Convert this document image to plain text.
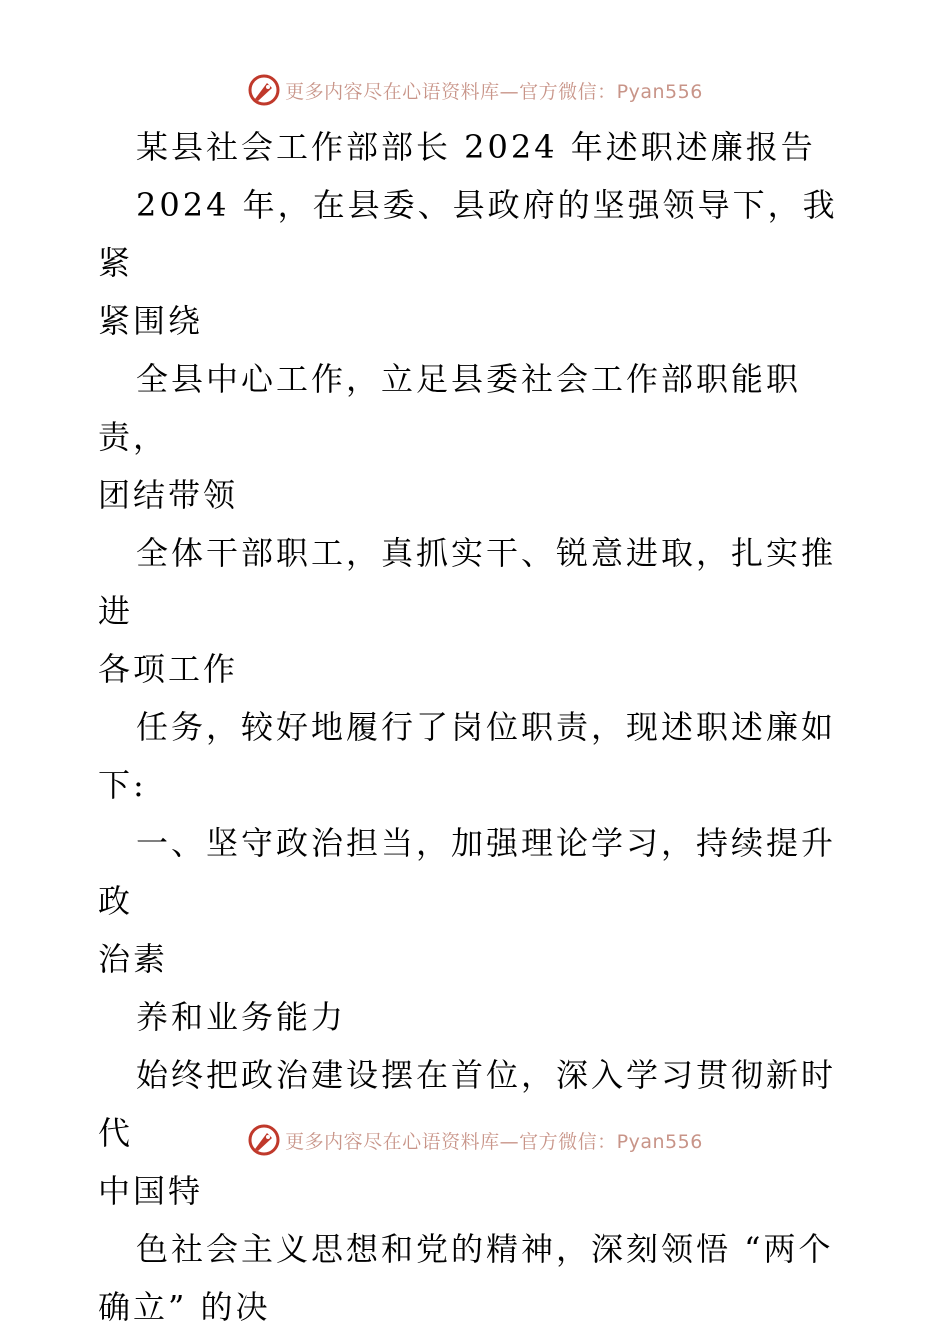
更多内容尽在心语资料库—官方微信：Pyan556

某县社会工作部部长 2024 年述职述廉报告

2024 年，在县委、县政府的坚强领导下，我紧

紧围绕

全县中心工作，立足县委社会工作部职能职责，

团结带领

全体干部职工，真抓实干、锐意进取，扎实推进

各项工作

任务，较好地履行了岗位职责，现述职述廉如

下:

一、坚守政治担当，加强理论学习，持续提升政

治素

养和业务能力

始终把政治建设摆在首位，深入学习贯彻新时代

中国特

色社会主义思想和党的精神，深刻领悟 “两个

确立” 的决

更多内容尽在心语资料库—官方微信：Pyan556
